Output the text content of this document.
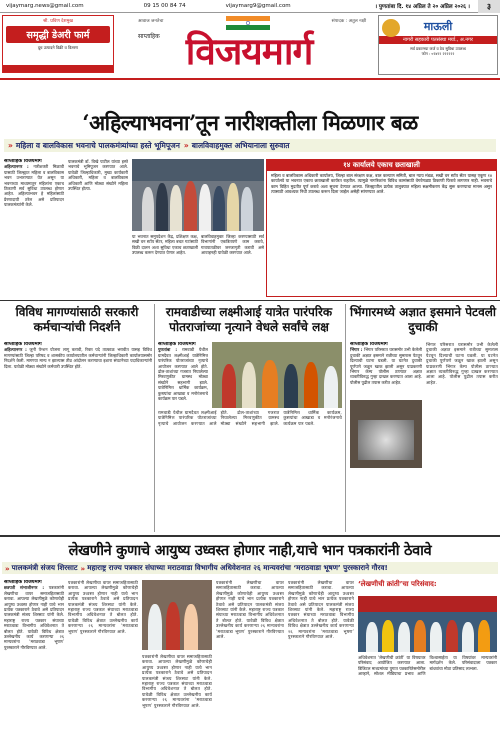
vijaymarg.news@gmail.com	09 15 00 84 74	vijaymarg9@gmail.com	। पुणतांबा दि. १४ अप्रिल ते २० अप्रिल २०२६ ।	३
श्री. प्रविण देशमुख
समृद्धी डेअरी फार्म
दूध उत्पादने विक्री व वितरण
आवाज जनतेचा	संपादक : अतुल नक्षी
साप्ताहिक विजयमार्ग
माऊली
नागरी सहकारी पतसंस्था मर्या., अ.नगर
सर्व प्रकारच्या कर्ज व ठेव सुविधा उपलब्ध
फोन : ०२४२२ २२२२२२
‘अहिल्याभवना’तून नारीशक्तीला मिळणार बळ
» महिला व बालविकास भवनाचे पालकमंत्र्यांच्या हस्ते भूमिपूजन » बालविवाहमुक्त अभियानाला सुरुवात
साप्ताहिक विजयमार्ग
अहिल्यानगर : नारीशक्ती मिळावी यासाठी जिल्ह्यात महिला व बालविकास भवन उभारण्यात येत असून या भवनाच्या माध्यमातून महिलांना एकाच ठिकाणी सर्व सुविधा उपलब्ध होणार आहेत. अहिल्याभवन हे महिलांसाठी प्रेरणादायी ठरेल असे प्रतिपादन पालकमंत्र्यांनी केले.
पालकमंत्री डॉ. विखे पाटील यांच्या हस्ते भवनाचे भूमिपूजन करण्यात आले. यावेळी जिल्हाधिकारी, मुख्य कार्यकारी अधिकारी, महिला व बालविकास अधिकारी आणि मोठ्या संख्येने महिला उपस्थित होत्या.
या भवनात समुपदेशन केंद्र, प्रशिक्षण कक्ष, सखी वन स्टॉप सेंटर, महिला बचत गटांसाठी विक्री दालन अशा सुविधा एकाच छताखाली उपलब्ध करून देण्यात येणार आहेत.
बालविवाहमुक्त जिल्हा करण्यासाठी सर्व विभागांनी एकत्रितपणे काम करावे, गावपातळीवर जनजागृती करावी असे आवाहनही यावेळी करण्यात आले.
१४ कार्यालये एकाच छताखाली
महिला व बालविकास अधिकारी कार्यालय, जिल्हा बाल संरक्षण कक्ष, बाल कल्याण समिती, बाल न्याय मंडळ, सखी वन स्टॉप सेंटर यासह एकूण १४ कार्यालये या भवनात एकाच छताखाली कार्यरत राहतील. त्यामुळे नागरिकांना विविध कामांसाठी वेगवेगळ्या ठिकाणी फिरावे लागणार नाही. भवनाचे काम विहित मुदतीत पूर्ण करावे अशा सूचना देण्यात आल्या. जिल्ह्यातील प्रत्येक तालुक्यात महिला सक्षमीकरण केंद्र सुरू करण्याचा मानस असून त्यासाठी आवश्यक निधी उपलब्ध करून दिला जाईल असेही सांगण्यात आले.
विविध मागण्यांसाठी सरकारी कर्मचाऱ्यांची निदर्शने
साप्ताहिक विजयमार्ग
अहिल्यानगर : जुनी पेन्शन योजना लागू करावी, रिक्त पदे तात्काळ भरावीत यासह विविध मागण्यांसाठी जिल्हा परिषद व शासकीय कार्यालयातील कर्मचाऱ्यांनी जिल्हाधिकारी कार्यालयासमोर निदर्शने केली. मागण्या मान्य न झाल्यास तीव्र आंदोलन करण्याचा इशारा संघटनेच्या पदाधिकाऱ्यांनी दिला. यावेळी मोठ्या संख्येने कर्मचारी उपस्थित होते.
रामवाडीच्या लक्ष्मीआई यात्रेत पारंपरिक पोतराजांच्या नृत्याने वेधले सर्वांचे लक्ष
साप्ताहिक विजयमार्ग
पुणतांबा : रामवाडी येथील ग्रामदैवत लक्ष्मीआई यात्रेनिमित्त पारंपरिक पोतराजांच्या नृत्याचे आयोजन करण्यात आले होते. ढोल-ताशांच्या गजरात निघालेल्या मिरवणुकीत ग्रामस्थ मोठ्या संख्येने सहभागी झाले. यात्रेनिमित्त धार्मिक कार्यक्रम, कुस्त्यांचा आखाडा व मनोरंजनाचे कार्यक्रम पार पडले.
रामवाडी येथील ग्रामदैवत लक्ष्मीआई यात्रेनिमित्त पारंपरिक पोतराजांच्या नृत्याचे आयोजन करण्यात आले होते. ढोल-ताशांच्या गजरात निघालेल्या मिरवणुकीत ग्रामस्थ मोठ्या संख्येने सहभागी झाले. यात्रेनिमित्त धार्मिक कार्यक्रम, कुस्त्यांचा आखाडा व मनोरंजनाचे कार्यक्रम पार पडले.
भिंगारमध्ये अज्ञात इसमाने पेटवली दुचाकी
साप्ताहिक विजयमार्ग
भिंगार : भिंगार परिसरात घरासमोर उभी केलेली दुचाकी अज्ञात इसमाने रात्रीच्या सुमारास पेटवून दिल्याची घटना घडली. या घटनेत दुचाकी पूर्णपणे जळून खाक झाली असून याप्रकरणी भिंगार कॅम्प पोलीस ठाण्यात अज्ञात व्यक्तीविरुद्ध गुन्हा दाखल करण्यात आला आहे. पोलीस पुढील तपास करीत आहेत.
भिंगार परिसरात घरासमोर उभी केलेली दुचाकी अज्ञात इसमाने रात्रीच्या सुमारास पेटवून दिल्याची घटना घडली. या घटनेत दुचाकी पूर्णपणे जळून खाक झाली असून याप्रकरणी भिंगार कॅम्प पोलीस ठाण्यात अज्ञात व्यक्तीविरुद्ध गुन्हा दाखल करण्यात आला आहे. पोलीस पुढील तपास करीत आहेत.
लेखणीने कुणाचे आयुष्य उध्वस्त होणार नाही,याचे भान पत्रकारांनी ठेवावे
» पालकमंत्री संजय शिरसाट » महाराष्ट्र राज्य पत्रकार संघाच्या मराठवाडा विभागीय अधिवेशनात २६ मान्यवरांचा ‘मराठवाडा भूषण’ पुरस्काराने गौरव!
साप्ताहिक विजयमार्ग
छत्रपती संभाजीनगर : पत्रकारांनी लेखणीचा वापर समाजहितासाठी करावा. आपल्या लेखणीमुळे कोणाचेही आयुष्य उध्वस्त होणार नाही याचे भान प्रत्येक पत्रकाराने ठेवावे असे प्रतिपादन पालकमंत्री संजय शिरसाट यांनी केले. महाराष्ट्र राज्य पत्रकार संघाच्या मराठवाडा विभागीय अधिवेशनात ते बोलत होते. यावेळी विविध क्षेत्रात उल्लेखनीय कार्य करणाऱ्या २६ मान्यवरांना ‘मराठवाडा भूषण’ पुरस्काराने गौरविण्यात आले.
पत्रकारांनी लेखणीचा वापर समाजहितासाठी करावा. आपल्या लेखणीमुळे कोणाचेही आयुष्य उध्वस्त होणार नाही याचे भान प्रत्येक पत्रकाराने ठेवावे असे प्रतिपादन पालकमंत्री संजय शिरसाट यांनी केले. महाराष्ट्र राज्य पत्रकार संघाच्या मराठवाडा विभागीय अधिवेशनात ते बोलत होते. यावेळी विविध क्षेत्रात उल्लेखनीय कार्य करणाऱ्या २६ मान्यवरांना ‘मराठवाडा भूषण’ पुरस्काराने गौरविण्यात आले.
पत्रकारांनी लेखणीचा वापर समाजहितासाठी करावा. आपल्या लेखणीमुळे कोणाचेही आयुष्य उध्वस्त होणार नाही याचे भान प्रत्येक पत्रकाराने ठेवावे असे प्रतिपादन पालकमंत्री संजय शिरसाट यांनी केले. महाराष्ट्र राज्य पत्रकार संघाच्या मराठवाडा विभागीय अधिवेशनात ते बोलत होते. यावेळी विविध क्षेत्रात उल्लेखनीय कार्य करणाऱ्या २६ मान्यवरांना ‘मराठवाडा भूषण’ पुरस्काराने गौरविण्यात आले.
पत्रकारांनी लेखणीचा वापर समाजहितासाठी करावा. आपल्या लेखणीमुळे कोणाचेही आयुष्य उध्वस्त होणार नाही याचे भान प्रत्येक पत्रकाराने ठेवावे असे प्रतिपादन पालकमंत्री संजय शिरसाट यांनी केले. महाराष्ट्र राज्य पत्रकार संघाच्या मराठवाडा विभागीय अधिवेशनात ते बोलत होते. यावेळी विविध क्षेत्रात उल्लेखनीय कार्य करणाऱ्या २६ मान्यवरांना ‘मराठवाडा भूषण’ पुरस्काराने गौरविण्यात आले.
पत्रकारांनी लेखणीचा वापर समाजहितासाठी करावा. आपल्या लेखणीमुळे कोणाचेही आयुष्य उध्वस्त होणार नाही याचे भान प्रत्येक पत्रकाराने ठेवावे असे प्रतिपादन पालकमंत्री संजय शिरसाट यांनी केले. महाराष्ट्र राज्य पत्रकार संघाच्या मराठवाडा विभागीय अधिवेशनात ते बोलत होते. यावेळी विविध क्षेत्रात उल्लेखनीय कार्य करणाऱ्या २६ मान्यवरांना ‘मराठवाडा भूषण’ पुरस्काराने गौरविण्यात आले.
‘लेखणीची क्रांती’चा परिसंवाद:
अधिवेशनात ‘लेखणीची क्रांती’ या विषयावर परिसंवाद आयोजित करण्यात आला. डिजिटल माध्यमांच्या युगात पत्रकारितेसमोरील आव्हाने, सोशल मीडियाचा प्रभाव आणि विश्वासार्हता या विषयांवर मान्यवरांनी मार्गदर्शन केले. परिसंवादाला पत्रकार बांधवांचा मोठा प्रतिसाद लाभला.
